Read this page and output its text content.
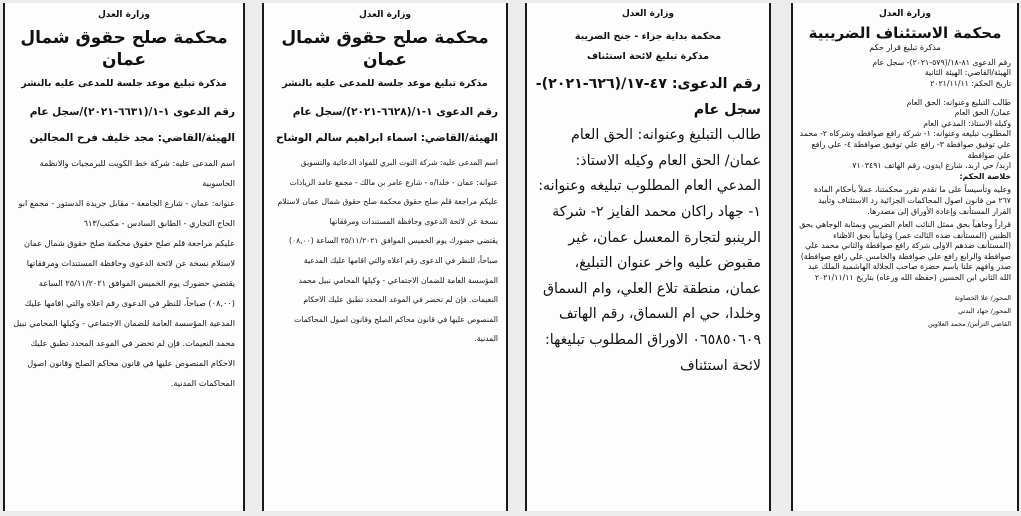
وزارة العدل
محكمة الاستئناف الضريبية
مذكرة تبليغ قرار حكم

رقم الدعوى ٨١-١٨/(٥٧٩-٢٠٢١)- سجل عام

الهيئة/القاضي: الهيئة الثانية

تاريخ الحكم: ٢٠٢١/١١/١١

طالب التبليغ وعنوانه: الحق العام

عمان/ الحق العام

وكيله الاستاذ: المدعي العام

المطلوب تبليغه وعنوانه: ١- شركة رافع صوافطه وشركاه ٢- محمد علي توفيق صوافطة ٣- رافع علي توفيق صوافطة ٤- علي رافع علي صوافطة

اربد/ حي اربد، شارع ايدون، رقم الهاتف ٧١٠٣٤٩١

خلاصة الحكم:

وعليه وتأسيساً على ما تقدم تقرر محكمتنا، عملاً بأحكام المادة ٢٦٧ من قانون اصول المحاكمات الجزائية رد الاستئناف وتأييد القرار المستأنف وإعادة الأوراق إلى مصدرها.

قراراً وجاهياً بحق ممثل النائب العام الضريبي وبمثابة الوجاهي بحق الظنين (المستأنف ضده الثالث عمر) وغيابياً بحق الاظناء (المستأنف ضدهم الاولى شركة رافع صوافطة والثاني محمد علي صوافطة والرابع رافع علي صوافطة والخامس علي رافع صوافطة) صدر وافهم علنا باسم حضرة صاحب الجلالة الهاشمية الملك عبد الله الثاني ابن الحسين (حفظه الله ورعاه) بتاريخ ٢٠٢١/١١/١١

المحور/ علا الخصاونة

المحور/ جهاد البدني

القاضي الترأس/ محمد العلاوين

وزارة العدل
محكمة بداية جزاء - جنح الضريبة
مذكرة تبليغ لائحة استئناف

رقم الدعوى: ٤٧-١٧/(٦٢٦-٢٠٢١)- سجل عام

طالب التبليغ وعنوانه: الحق العام عمان/ الحق العام وكيله الاستاذ: المدعي العام المطلوب تبليغه وعنوانه: ١- جهاد راكان محمد الفايز ٢- شركة الرينبو لتجارة المعسل عمان، غير مقبوض عليه واخر عنوان التبليغ، عمان، منطقة تلاع العلي، وام السماق وخلدا، حي ام السماق، رقم الهاتف ٠٦٥٨٥٠٦٠٩ الاوراق المطلوب تبليغها: لائحة استئناف

وزارة العدل
محكمة صلح حقوق شمال عمان
مذكرة تبليغ موعد جلسة للمدعى عليه بالنشر

رقم الدعوى ١-١/(٦٦٢٨-٢٠٢١)/سجل عام

الهيئة/القاضي: اسماء ابراهيم سالم الوشاح

اسم المدعى عليه: شركة التوت البري للمواد الدعائية والتسويق

عنوانه: عمان - خلدا/ه - شارع عامر بن مالك - مجمع عامد الزيادات

عليكم مراجعة قلم صلح حقوق محكمة صلح حقوق شمال عمان لاستلام نسخة عن لائحة الدعوى وحافظة المستندات ومرفقاتها

يقتضي حضورك يوم الخميس الموافق ٢٥/١١/٢٠٢١ الساعة (٠٨,٠٠) صباحاً، للنظر في الدعوى رقم اعلاه والتي اقامها عليك المدعية المؤسسة العامة للضمان الاجتماعي - وكيلها المحامي نبيل محمد النعيمات. فإن لم تحضر في الموعد المحدد تطبق عليك الاحكام المنصوص عليها في قانون محاكم الصلح وقانون اصول المحاكمات المدنية.

وزارة العدل
محكمة صلح حقوق شمال عمان
مذكرة تبليغ موعد جلسة للمدعى عليه بالنشر

رقم الدعوى ١-١/(٦٦٣١-٢٠٢١)/سجل عام

الهيئة/القاضي: مجد خليف فرح المجالين

اسم المدعى عليه: شركة خط الكويت للبرمجيات والانظمة الحاسوبية

عنوانه: عمان - شارع الجامعة - مقابل جريدة الدستور - مجمع ابو الحاج التجاري - الطابق السادس - مكتب/٦١٣

عليكم مراجعة قلم صلح حقوق محكمة صلح حقوق شمال عمان لاستلام نسخة عن لائحة الدعوى وحافظة المستندات ومرفقاتها

يقتضي حضورك يوم الخميس الموافق ٢٥/١١/٢٠٢١ الساعة (٠٨,٠٠) صباحاً، للنظر في الدعوى رقم اعلاه والتي اقامها عليك المدعية المؤسسة العامة للضمان الاجتماعي - وكيلها المحامي نبيل محمد النعيمات. فإن لم تحضر في الموعد المحدد تطبق عليك الاحكام المنصوص عليها في قانون محاكم الصلح وقانون اصول المحاكمات المدنية.
